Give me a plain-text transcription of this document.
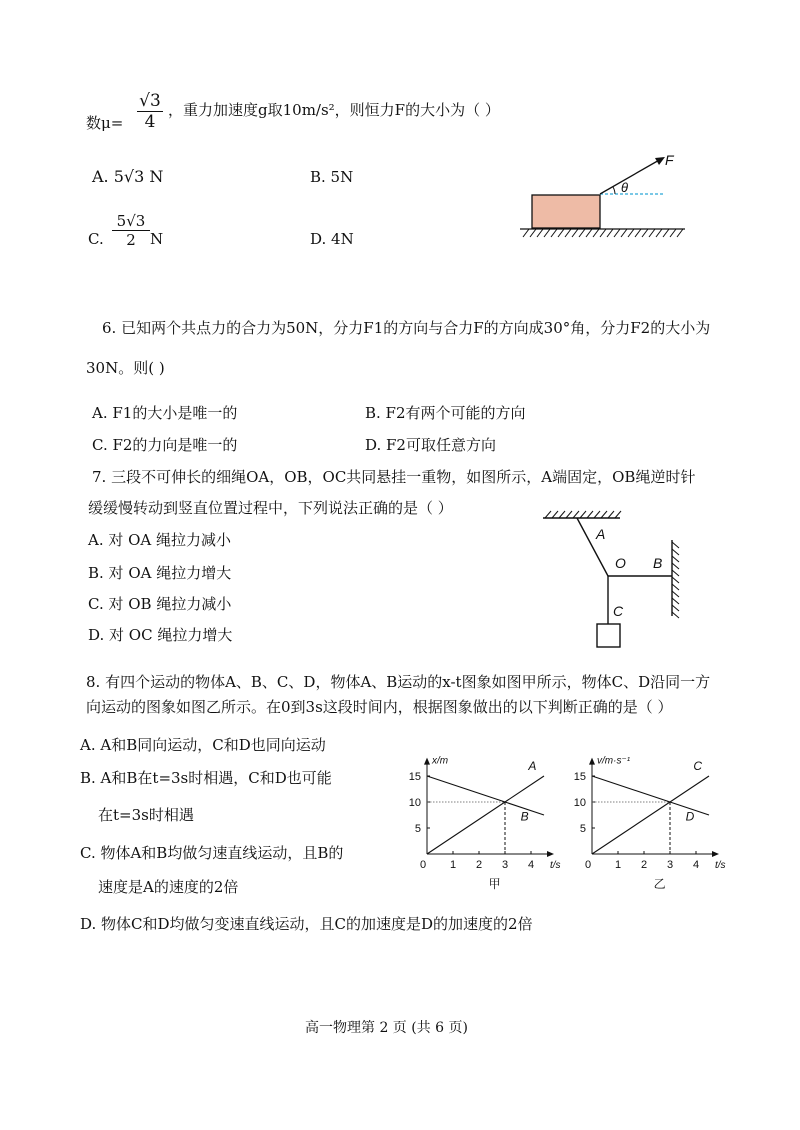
数$\mu= \frac{√3}{4}$ ，重力加速度g取10m/s²，则恒力F的大小为（ ）
A. 5√3 N	B. 5N
C. $\frac{5√3}{2}$ N	D. 4N
F
θ
6. 已知两个共点力的合力为50N，分力F1的方向与合力F的方向成30°角，分力F2的大小为
30N。则( )
A. F1的大小是唯一的	B. F2有两个可能的方向
C. F2的力向是唯一的	D. F2可取任意方向
7. 三段不可伸长的细绳OA，OB，OC共同悬挂一重物，如图所示，A端固定，OB绳逆时针
缓缓慢转动到竖直位置过程中，下列说法正确的是（ ）
A. 对 OA 绳拉力减小
B. 对 OA 绳拉力增大
C. 对 OB 绳拉力减小
D. 对 OC 绳拉力增大
A
O B
C
8. 有四个运动的物体A、B、C、D，物体A、B运动的x-t图象如图甲所示，物体C、D沿同一方
向运动的图象如图乙所示。在0到3s这段时间内，根据图象做出的以下判断正确的是（ ）
A. A和B同向运动，C和D也同向运动
B. A和B在t=3s时相遇，C和D也可能
在t=3s时相遇
C. 物体A和B均做匀速直线运动，且B的
速度是A的速度的2倍
D. 物体C和D均做匀变速直线运动，且C的加速度是D的加速度的2倍
0 1 2 3 4
5
10
15
x/m
t/s
A
B
甲
0 1 2 3 4
5
10
15
v/m·s⁻¹
t/s
C
D
乙
高一物理第 2 页 (共 6 页)
